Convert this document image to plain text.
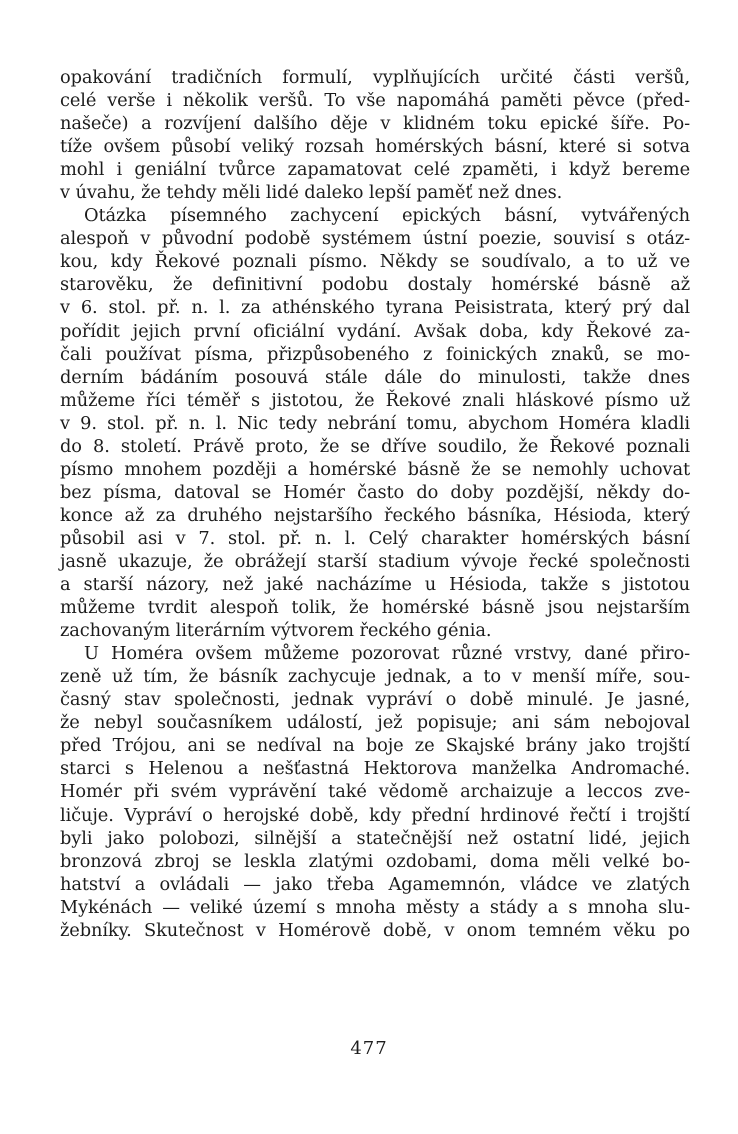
opakování tradičních formulí, vyplňujících určité části veršů,
celé verše i několik veršů. To vše napomáhá paměti pěvce (před-
našeče) a rozvíjení dalšího děje v klidném toku epické šíře. Po-
tíže ovšem působí veliký rozsah homérských básní, které si sotva
mohl i geniální tvůrce zapamatovat celé zpaměti, i když bereme
v úvahu, že tehdy měli lidé daleko lepší paměť než dnes.
Otázka písemného zachycení epických básní, vytvářených
alespoň v původní podobě systémem ústní poezie, souvisí s otáz-
kou, kdy Řekové poznali písmo. Někdy se soudívalo, a to už ve
starověku, že definitivní podobu dostaly homérské básně až
v 6. stol. př. n. l. za athénského tyrana Peisistrata, který prý dal
pořídit jejich první oficiální vydání. Avšak doba, kdy Řekové za-
čali používat písma, přizpůsobeného z foinických znaků, se mo-
derním bádáním posouvá stále dále do minulosti, takže dnes
můžeme říci téměř s jistotou, že Řekové znali hláskové písmo už
v 9. stol. př. n. l. Nic tedy nebrání tomu, abychom Homéra kladli
do 8. století. Právě proto, že se dříve soudilo, že Řekové poznali
písmo mnohem později a homérské básně že se nemohly uchovat
bez písma, datoval se Homér často do doby pozdější, někdy do-
konce až za druhého nejstaršího řeckého básníka, Hésioda, který
působil asi v 7. stol. př. n. l. Celý charakter homérských básní
jasně ukazuje, že obrážejí starší stadium vývoje řecké společnosti
a starší názory, než jaké nacházíme u Hésioda, takže s jistotou
můžeme tvrdit alespoň tolik, že homérské básně jsou nejstarším
zachovaným literárním výtvorem řeckého génia.
U Homéra ovšem můžeme pozorovat různé vrstvy, dané přiro-
zeně už tím, že básník zachycuje jednak, a to v menší míře, sou-
časný stav společnosti, jednak vypráví o době minulé. Je jasné,
že nebyl současníkem událostí, jež popisuje; ani sám nebojoval
před Trójou, ani se nedíval na boje ze Skajské brány jako trojští
starci s Helenou a nešťastná Hektorova manželka Andromaché.
Homér při svém vyprávění také vědomě archaizuje a leccos zve-
ličuje. Vypráví o herojské době, kdy přední hrdinové řečtí i trojští
byli jako polobozi, silnější a statečnější než ostatní lidé, jejich
bronzová zbroj se leskla zlatými ozdobami, doma měli velké bo-
hatství a ovládali — jako třeba Agamemnón, vládce ve zlatých
Mykénách — veliké území s mnoha městy a stády a s mnoha slu-
žebníky. Skutečnost v Homérově době, v onom temném věku po
477
